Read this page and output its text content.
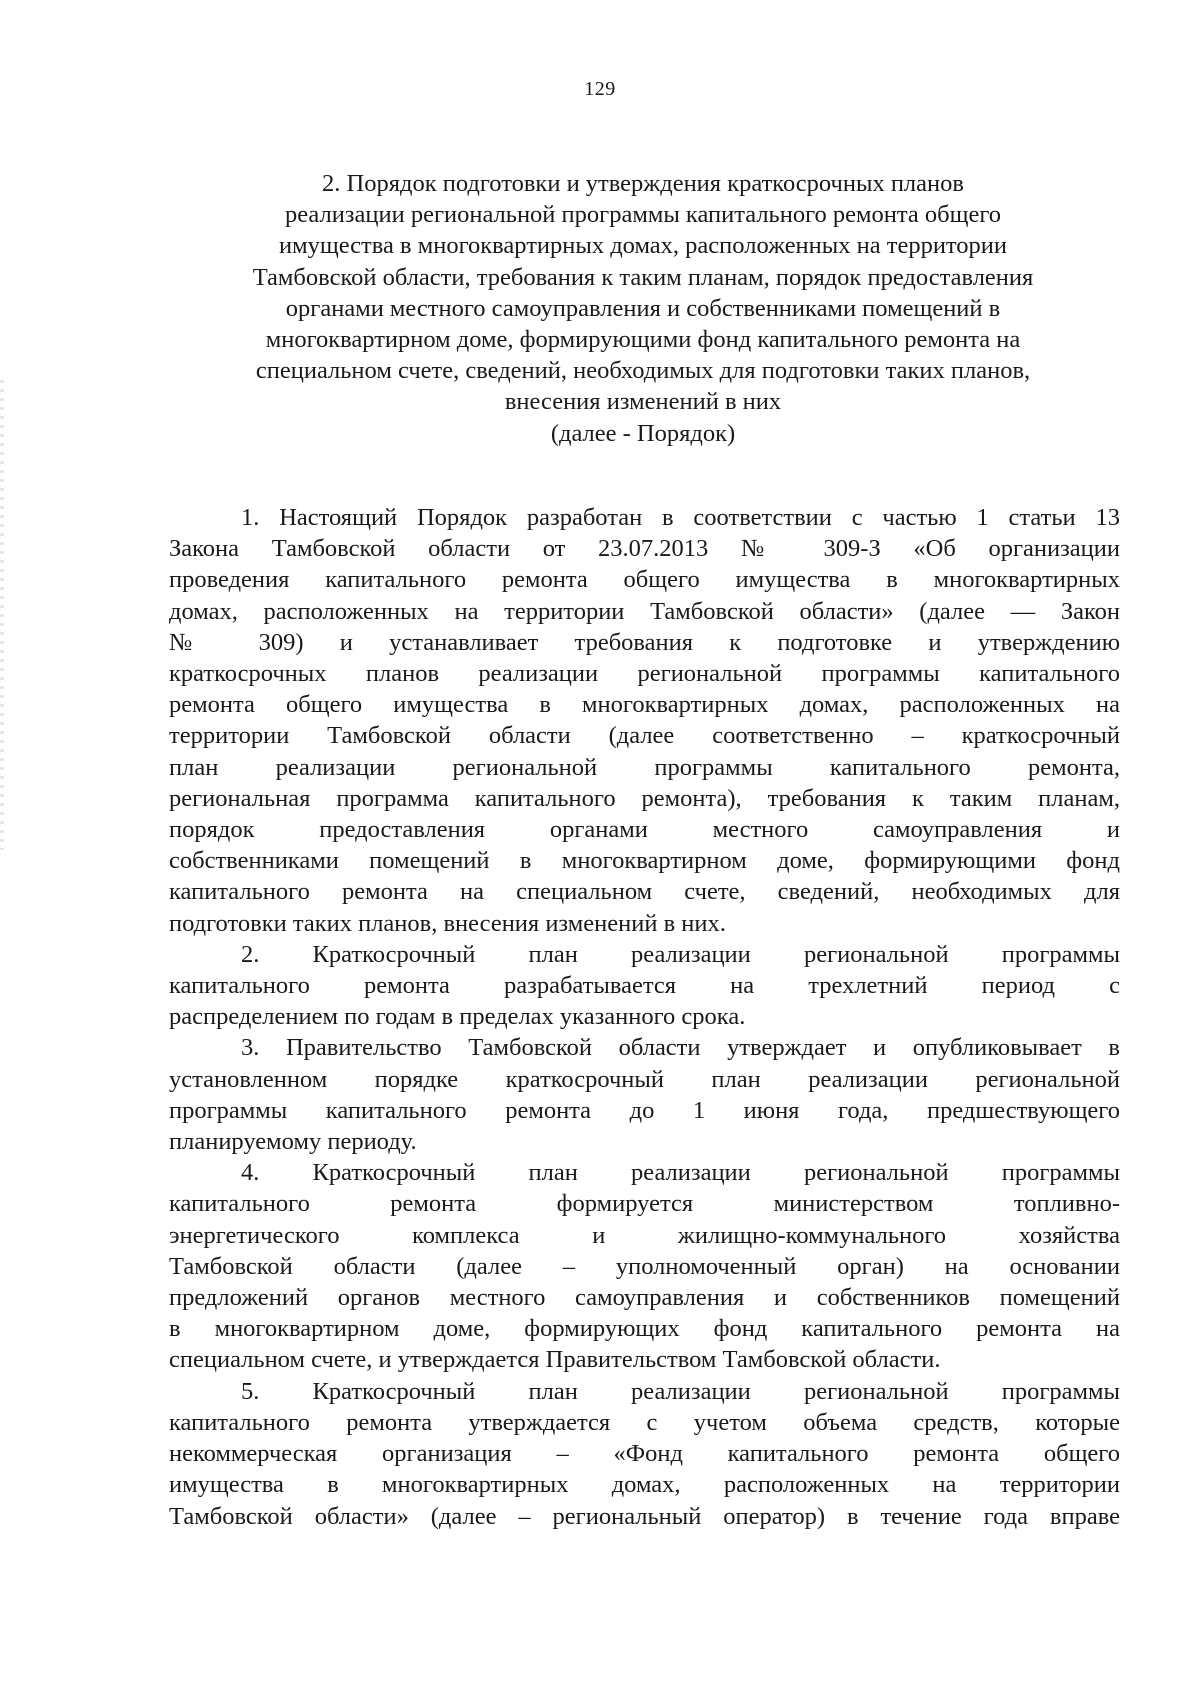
129
2. Порядок подготовки и утверждения краткосрочных планов
реализации региональной программы капитального ремонта общего
имущества в многоквартирных домах, расположенных на территории
Тамбовской области, требования к таким планам, порядок предоставления
органами местного самоуправления и собственниками помещений в
многоквартирном доме, формирующими фонд капитального ремонта на
специальном счете, сведений, необходимых для подготовки таких планов,
внесения изменений в них
(далее - Порядок)
1. Настоящий Порядок разработан в соответствии с частью 1 статьи 13
Закона Тамбовской области от 23.07.2013 № 309-З «Об организации
проведения капитального ремонта общего имущества в многоквартирных
домах, расположенных на территории Тамбовской области» (далее — Закон
№ 309) и устанавливает требования к подготовке и утверждению
краткосрочных планов реализации региональной программы капитального
ремонта общего имущества в многоквартирных домах, расположенных на
территории Тамбовской области (далее соответственно – краткосрочный
план реализации региональной программы капитального ремонта,
региональная программа капитального ремонта), требования к таким планам,
порядок предоставления органами местного самоуправления и
собственниками помещений в многоквартирном доме, формирующими фонд
капитального ремонта на специальном счете, сведений, необходимых для
подготовки таких планов, внесения изменений в них.
2. Краткосрочный план реализации региональной программы
капитального ремонта разрабатывается на трехлетний период с
распределением по годам в пределах указанного срока.
3. Правительство Тамбовской области утверждает и опубликовывает в
установленном порядке краткосрочный план реализации региональной
программы капитального ремонта до 1 июня года, предшествующего
планируемому периоду.
4. Краткосрочный план реализации региональной программы
капитального ремонта формируется министерством топливно-
энергетического комплекса и жилищно-коммунального хозяйства
Тамбовской области (далее – уполномоченный орган) на основании
предложений органов местного самоуправления и собственников помещений
в многоквартирном доме, формирующих фонд капитального ремонта на
специальном счете, и утверждается Правительством Тамбовской области.
5. Краткосрочный план реализации региональной программы
капитального ремонта утверждается с учетом объема средств, которые
некоммерческая организация – «Фонд капитального ремонта общего
имущества в многоквартирных домах, расположенных на территории
Тамбовской области» (далее – региональный оператор) в течение года вправе
